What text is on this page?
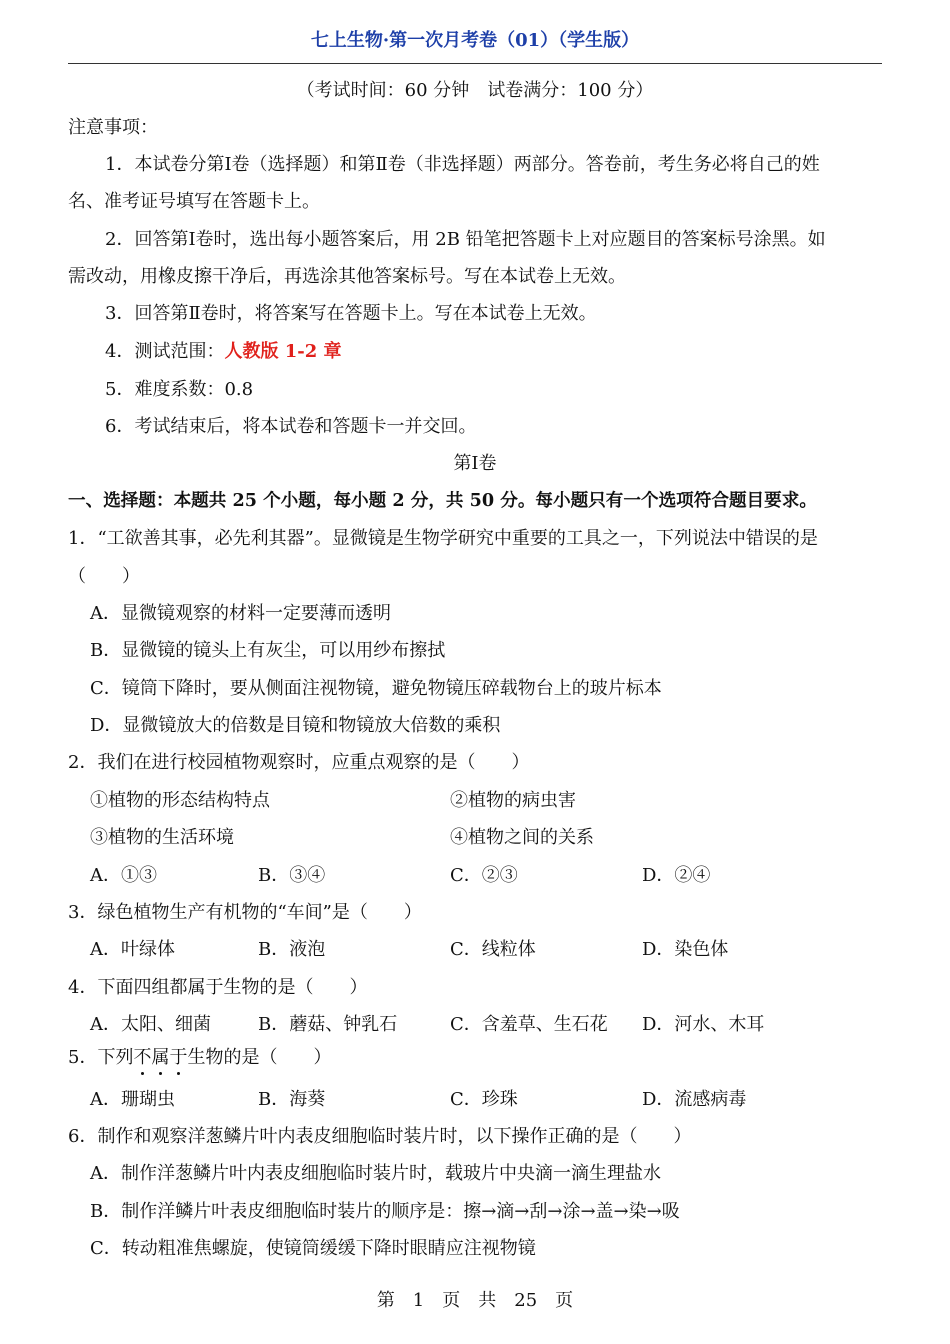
七上生物·第一次月考卷（01）（学生版）
（考试时间：60 分钟　试卷满分：100 分）
注意事项：
1．本试卷分第Ⅰ卷（选择题）和第Ⅱ卷（非选择题）两部分。答卷前，考生务必将自己的姓
名、准考证号填写在答题卡上。
2．回答第Ⅰ卷时，选出每小题答案后，用 2B 铅笔把答题卡上对应题目的答案标号涂黑。如
需改动，用橡皮擦干净后，再选涂其他答案标号。写在本试卷上无效。
3．回答第Ⅱ卷时，将答案写在答题卡上。写在本试卷上无效。
4．测试范围：人教版 1-2 章
5．难度系数：0.8
6．考试结束后，将本试卷和答题卡一并交回。
第Ⅰ卷
一、选择题：本题共 25 个小题，每小题 2 分，共 50 分。每小题只有一个选项符合题目要求。
1．“工欲善其事，必先利其器”。显微镜是生物学研究中重要的工具之一，下列说法中错误的是
（　　）
A．显微镜观察的材料一定要薄而透明
B．显微镜的镜头上有灰尘，可以用纱布擦拭
C．镜筒下降时，要从侧面注视物镜，避免物镜压碎载物台上的玻片标本
D．显微镜放大的倍数是目镜和物镜放大倍数的乘积
2．我们在进行校园植物观察时，应重点观察的是（　　）
①植物的形态结构特点	②植物的病虫害
③植物的生活环境	④植物之间的关系
A．①③	B．③④	C．②③	D．②④
3．绿色植物生产有机物的“车间”是（　　）
A．叶绿体	B．液泡	C．线粒体	D．染色体
4．下面四组都属于生物的是（　　）
A．太阳、细菌	B．蘑菇、钟乳石	C．含羞草、生石花 D．河水、木耳
5．下列不属于生物的是（　　）
A．珊瑚虫	B．海葵	C．珍珠	D．流感病毒
6．制作和观察洋葱鳞片叶内表皮细胞临时装片时，以下操作正确的是（　　）
A．制作洋葱鳞片叶内表皮细胞临时装片时，载玻片中央滴一滴生理盐水
B．制作洋鳞片叶表皮细胞临时装片的顺序是：擦→滴→刮→涂→盖→染→吸
C．转动粗准焦螺旋，使镜筒缓缓下降时眼睛应注视物镜
第　1　页　共　25　页
